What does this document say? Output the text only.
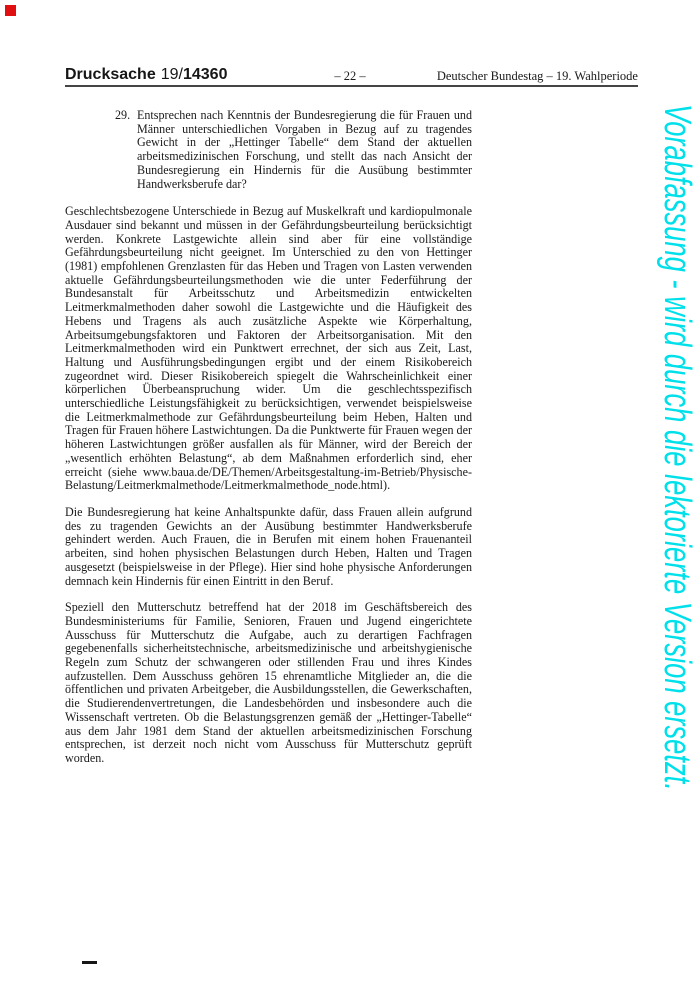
Drucksache 19/14360	– 22 –	Deutscher Bundestag – 19. Wahlperiode
29. Entsprechen nach Kenntnis der Bundesregierung die für Frauen und Männer unterschiedlichen Vorgaben in Bezug auf zu tragendes Gewicht in der „Hettinger Tabelle“ dem Stand der aktuellen arbeitsmedizinischen Forschung, und stellt das nach Ansicht der Bundesregierung ein Hindernis für die Ausübung bestimmter Handwerksberufe dar?

Geschlechtsbezogene Unterschiede in Bezug auf Muskelkraft und kardiopulmonale Ausdauer sind bekannt und müssen in der Gefährdungsbeurteilung berücksichtigt werden. Konkrete Lastgewichte allein sind aber für eine vollständige Gefährdungsbeurteilung nicht geeignet. Im Unterschied zu den von Hettinger (1981) empfohlenen Grenzlasten für das Heben und Tragen von Lasten verwenden aktuelle Gefährdungsbeurteilungsmethoden wie die unter Federführung der Bundesanstalt für Arbeitsschutz und Arbeitsmedizin entwickelten Leitmerkmalmethoden daher sowohl die Lastgewichte und die Häufigkeit des Hebens und Tragens als auch zusätzliche Aspekte wie Körperhaltung, Arbeitsumgebungsfaktoren und Faktoren der Arbeitsorganisation. Mit den Leitmerkmalmethoden wird ein Punktwert errechnet, der sich aus Zeit, Last, Haltung und Ausführungsbedingungen ergibt und der einem Risikobereich zugeordnet wird. Dieser Risikobereich spiegelt die Wahrscheinlichkeit einer körperlichen Überbeanspruchung wider. Um die geschlechtsspezifisch unterschiedliche Leistungsfähigkeit zu berücksichtigen, verwendet beispielsweise die Leitmerkmalmethode zur Gefährdungsbeurteilung beim Heben, Halten und Tragen für Frauen höhere Lastwichtungen. Da die Punktwerte für Frauen wegen der höheren Lastwichtungen größer ausfallen als für Männer, wird der Bereich der „wesentlich erhöhten Belastung“, ab dem Maßnahmen erforderlich sind, eher erreicht (siehe www.baua.de/DE/Themen/Arbeitsgestaltung-im-Betrieb/Physische-Belastung/Leitmerkmalmethode/Leitmerkmalmethode_node.html).

Die Bundesregierung hat keine Anhaltspunkte dafür, dass Frauen allein aufgrund des zu tragenden Gewichts an der Ausübung bestimmter Handwerksberufe gehindert werden. Auch Frauen, die in Berufen mit einem hohen Frauenanteil arbeiten, sind hohen physischen Belastungen durch Heben, Halten und Tragen ausgesetzt (beispielsweise in der Pflege). Hier sind hohe physische Anforderungen demnach kein Hindernis für einen Eintritt in den Beruf.

Speziell den Mutterschutz betreffend hat der 2018 im Geschäftsbereich des Bundesministeriums für Familie, Senioren, Frauen und Jugend eingerichtete Ausschuss für Mutterschutz die Aufgabe, auch zu derartigen Fachfragen gegebenenfalls sicherheitstechnische, arbeitsmedizinische und arbeitshygienische Regeln zum Schutz der schwangeren oder stillenden Frau und ihres Kindes aufzustellen. Dem Ausschuss gehören 15 ehrenamtliche Mitglieder an, die die öffentlichen und privaten Arbeitgeber, die Ausbildungsstellen, die Gewerkschaften, die Studierendenvertretungen, die Landesbehörden und insbesondere auch die Wissenschaft vertreten. Ob die Belastungsgrenzen gemäß der „Hettinger-Tabelle“ aus dem Jahr 1981 dem Stand der aktuellen arbeitsmedizinischen Forschung entsprechen, ist derzeit noch nicht vom Ausschuss für Mutterschutz geprüft worden.	Vorabfassung - wird durch die lektorierte Version ersetzt.
